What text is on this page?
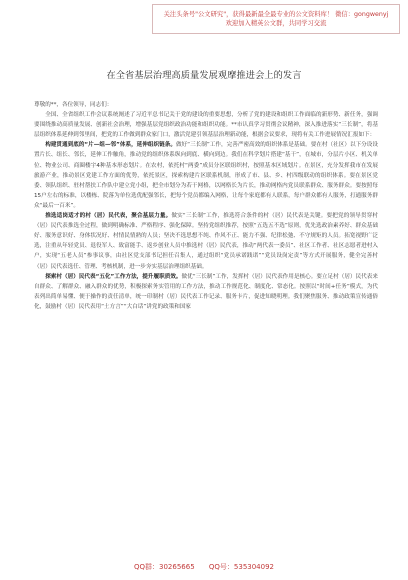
关注头条号"公文研究"，获得最新最全最专业的公文资料库！ 微信：gongwenyj
欢迎加入精英公文群，共同学习交流
在全省基层治理高质量发展观摩推进会上的发言

尊敬的**，各位领导，同志们：

全国、全省组织工作会议系统阐述了习近平总书记关于党的建设的重要思想，分析了党的建设和组织工作面临的新形势、新任务，强调要围绕推动高质量发展、创新社会治理，增强基层党组织政治功能和组织功能。**市认真学习贯彻会议精神，深入推进落实“三长制”，将基层组织体系延伸到邻里间，把党的工作做到群众家门口，激活党建引领基层治理新动能，根据会议要求，现将有关工作进展情况汇报如下：

构建贯通到底的“片—组—邻”体系，延伸组织链条。做好“三长制”工作，完善严密高效的组织体系是基础。要在村（社区）以下分设设置片长、组长、邻长，延伸工作触角，推动党的组织体系纵向到底、横向到边。我们在科学划片搭建“基干”，在城市，分层片小区、机关单位、物业公司、商圈楼宇4种基本形态划片。在农村，依托村“两委”成员分区联组织村，按照基本区域划片。在景区，充分发挥我市在发展旅游产业，推动景区党建工作方面的优势，依托景区，探索构建片区联系机制，形成了市、县、乡、村四级联动的组织体系。要在景区党委、领队组织、驻村帮扶工作队中建立党小组，把全市划分为若干网格，以网格长为片长，推动网格内党员联系群众、服务群众。要按照每15户左右的标准，以楼栋、院落为单位选优配强邻长，把每个党员都编入网格，让每个家庭都有人联系，每户群众都有人服务，打通服务群众“最后一百米”。

推选适岗适才的村（居）民代表，聚合基层力量。做实“三长制”工作，推选符合条件的村（居）民代表是关键。要把党的领导贯穿村（居）民代表推选全过程，做到明确标准、严格程序、强化保障。坚持党组织推荐，按照“五选五不选”原则，优先选政治素养好、群众基础好、服务意识好、身体状况好、村情民情熟的人员；坚决不选思想不纯、作风不正、能力不强、纪律松弛、不守规矩的人员。拓宽视野广泛选，注重从年轻党员、退役军人、致富能手、返乡创业人员中推选村（居）民代表，推动“两代表一委员”、社区工作者、社区志愿者进村入户，实现“五老人员”参事议事，由社区党支部书记担任召集人，通过组织“党员承诺践诺”“党员设岗定责”等方式开展服务，健全完善村（居）民代表选任、管理、考核机制，进一步夯实基层治理组织基础。

探索村（居）民代表“五化”工作方法，提升履职质效。做优“三长制”工作，发挥村（居）民代表作用是核心。要立足村（居）民代表来自群众、了解群众、融入群众的优势，积极探索务实管用的工作方法，推动工作规范化、制度化、常态化。按照以“时间+任务”模式，为代表列出简单易懂、便于操作的责任清单，统一印制村（居）民代表工作记录、服务卡片，促进知晓明理。我们聚焦服务、推动政策宣传通俗化，鼓励村（居）民代表用“土方言”“大白话”讲党的政策和国家

QQ群：30265665 QQ号：535304092
